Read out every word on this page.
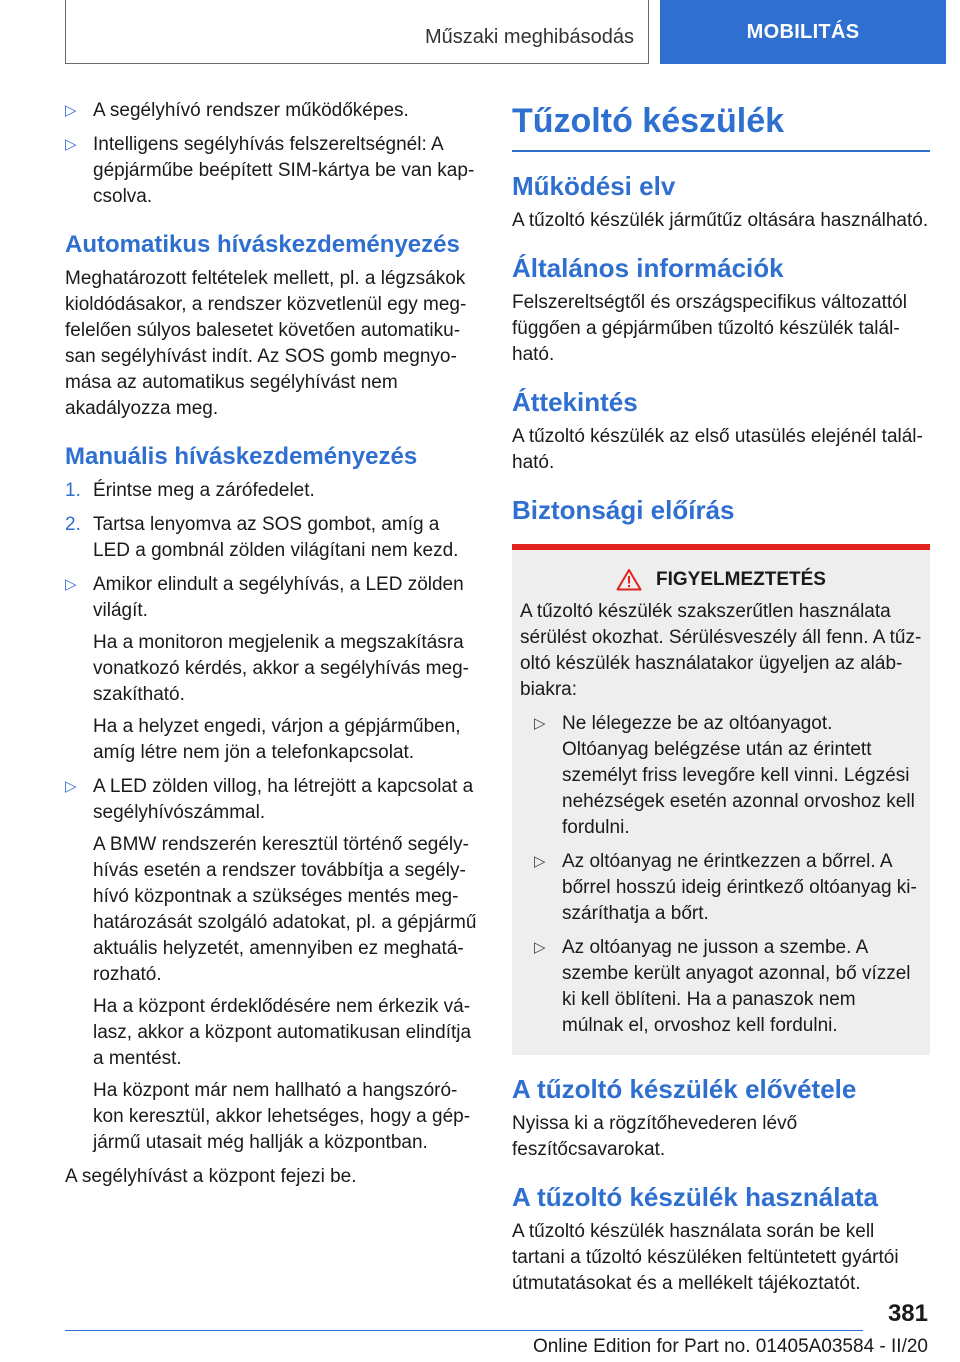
Műszaki meghibásodás	MOBILITÁS
▷ A segélyhívó rendszer működőképes.
▷ Intelligens segélyhívás felszereltségnél: A gépjárműbe beépített SIM-kártya be van kapcsolva.
Automatikus híváskezdeményezés

Meghatározott feltételek mellett, pl. a légzsákok kioldódásakor, a rendszer közvetlenül egy megfelelően súlyos balesetet követően automatikusan segélyhívást indít. Az SOS gomb megnyomása az automatikus segélyhívást nem akadályozza meg.

Manuális híváskezdeményezés
1. Érintse meg a zárófedelet.
2. Tartsa lenyomva az SOS gombot, amíg a LED a gombnál zölden világítani nem kezd.
▷ Amikor elindult a segélyhívás, a LED zölden világít.
Ha a monitoron megjelenik a megszakításra vonatkozó kérdés, akkor a segélyhívás megszakítható.
Ha a helyzet engedi, várjon a gépjárműben, amíg létre nem jön a telefonkapcsolat.
▷ A LED zölden villog, ha létrejött a kapcsolat a segélyhívószámmal.
A BMW rendszerén keresztül történő segélyhívás esetén a rendszer továbbítja a segélyhívó központnak a szükséges mentés meghatározását szolgáló adatokat, pl. a gépjármű aktuális helyzetét, amennyiben ez meghatározható.
Ha a központ érdeklődésére nem érkezik válasz, akkor a központ automatikusan elindítja a mentést.
Ha központ már nem hallható a hangszórókon keresztül, akkor lehetséges, hogy a gépjármű utasait még hallják a központban.

A segélyhívást a központ fejezi be.

Tűzoltó készülék
Működési elv

A tűzoltó készülék járműtűz oltására használható.

Általános információk

Felszereltségtől és országspecifikus változattól függően a gépjárműben tűzoltó készülék található.

Áttekintés

A tűzoltó készülék az első utasülés elejénél található.

Biztonsági előírás
FIGYELMEZTETÉS

A tűzoltó készülék szakszerűtlen használata sérülést okozhat. Sérülésveszély áll fenn. A tűzoltó készülék használatakor ügyeljen az alábbiakra:

▷ Ne lélegezze be az oltóanyagot. Oltóanyag belégzése után az érintett személyt friss levegőre kell vinni. Légzési nehézségek esetén azonnal orvoshoz kell fordulni.
▷ Az oltóanyag ne érintkezzen a bőrrel. A bőrrel hosszú ideig érintkező oltóanyag kiszáríthatja a bőrt.
▷ Az oltóanyag ne jusson a szembe. A szembe került anyagot azonnal, bő vízzel ki kell öblíteni. Ha a panaszok nem múlnak el, orvoshoz kell fordulni.
A tűzoltó készülék elővétele

Nyissa ki a rögzítőhevederen lévő feszítőcsavarokat.

A tűzoltó készülék használata

A tűzoltó készülék használata során be kell tartani a tűzoltó készüléken feltüntetett gyártói útmutatásokat és a mellékelt tájékoztatót.

381
Online Edition for Part no. 01405A03584 - II/20
